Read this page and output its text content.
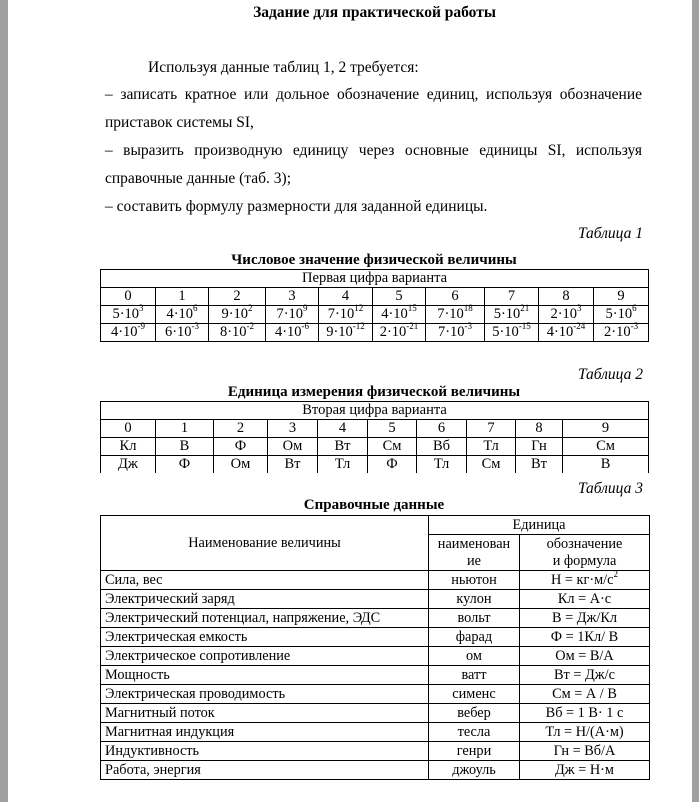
Задание для практической работы
Используя данные таблиц 1, 2 требуется:
– записать кратное или дольное обозначение единиц, используя обозначение
приставок системы SI,
– выразить производную единицу через основные единицы SI, используя
справочные данные (таб. 3);
– составить формулу размерности для заданной единицы.
Таблица 1
Числовое значение физической величины
Первая цифра варианта									
0	1	2	3	4	5	6	7	8	9
$5\cdot 10^3$	$4\cdot 10^6$	$9\cdot 10^2$	$7\cdot 10^9$	$7\cdot 10^{12}$	$4\cdot 10^{15}$	$7\cdot 10^{18}$	$5\cdot 10^{21}$	$2\cdot 10^3$	$5\cdot 10^6$
$4\cdot 10^{-9}$	$6\cdot 10^{-3}$	$8\cdot 10^{-2}$	$4\cdot 10^{-6}$	$9\cdot 10^{-12}$	$2\cdot 10^{-21}$	$7\cdot 10^{-3}$	$5\cdot 10^{-15}$	$4\cdot 10^{-24}$	$2\cdot 10^{-3}$
Таблица 2
Единица измерения физической величины
Вторая цифра варианта									
0	1	2	3	4	5	6	7	8	9
Кл	В	Ф	Ом	Вт	См	Вб	Тл	Гн	См
Дж	Ф	Ом	Вт	Тл	Ф	Тл	См	Вт	В
Таблица 3
Справочные данные
Наименование величины	Единица	
	наименован
ие	обозначение
и формула
Сила, вес	ньютон	$Н = кг\cdot м/с^2$
Электрический заряд	кулон	Кл = А·с
Электрический потенциал, напряжение, ЭДС	вольт	В = Дж/Кл
Электрическая емкость	фарад	Ф = 1Кл/ В
Электрическое сопротивление	ом	Ом = В/А
Мощность	ватт	Вт = Дж/с
Электрическая проводимость	сименс	См = А / В
Магнитный поток	вебер	Вб = 1 В· 1 с
Магнитная индукция	тесла	Тл = Н/(А·м)
Индуктивность	генри	Гн = Вб/А
Работа, энергия	джоуль	Дж = Н·м
